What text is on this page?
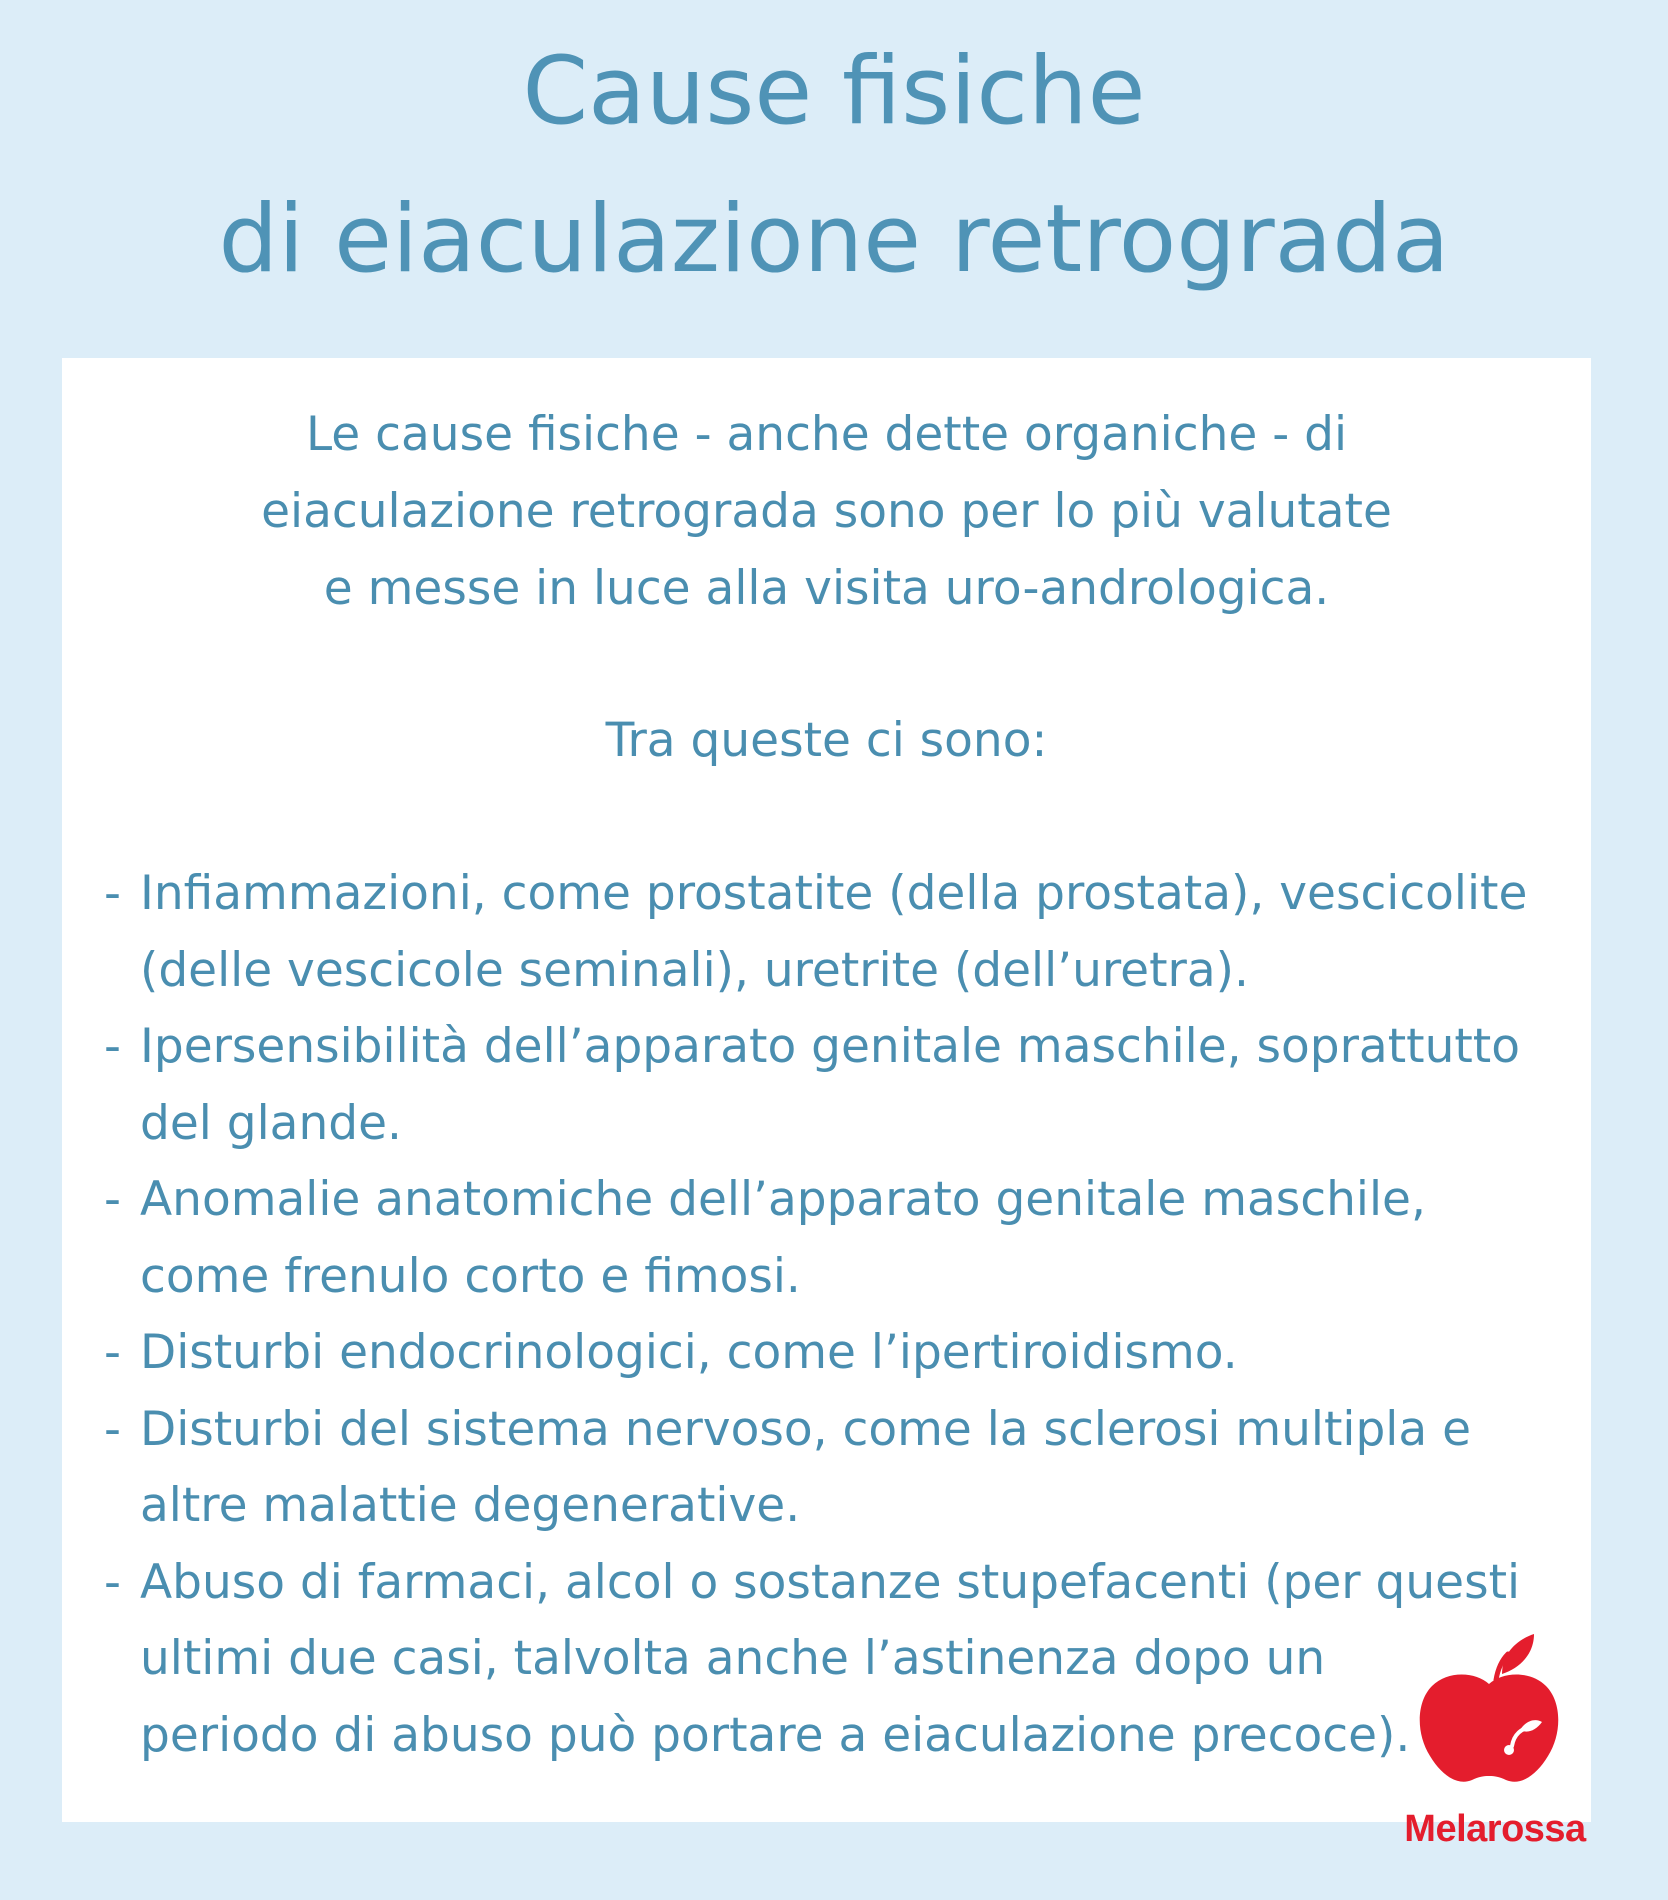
Cause fisiche
di eiaculazione retrograda
Le cause fisiche - anche dette organiche - di
eiaculazione retrograda sono per lo più valutate
e messe in luce alla visita uro-andrologica.
Tra queste ci sono:
- Infiammazioni, come prostatite (della prostata), vescicolite
(delle vescicole seminali), uretrite (dell’uretra).
- Ipersensibilità dell’apparato genitale maschile, soprattutto
del glande.
- Anomalie anatomiche dell’apparato genitale maschile,
come frenulo corto e fimosi.
- Disturbi endocrinologici, come l’ipertiroidismo.
- Disturbi del sistema nervoso, come la sclerosi multipla e
altre malattie degenerative.
- Abuso di farmaci, alcol o sostanze stupefacenti (per questi
ultimi due casi, talvolta anche l’astinenza dopo un
periodo di abuso può portare a eiaculazione precoce).
Melarossa
